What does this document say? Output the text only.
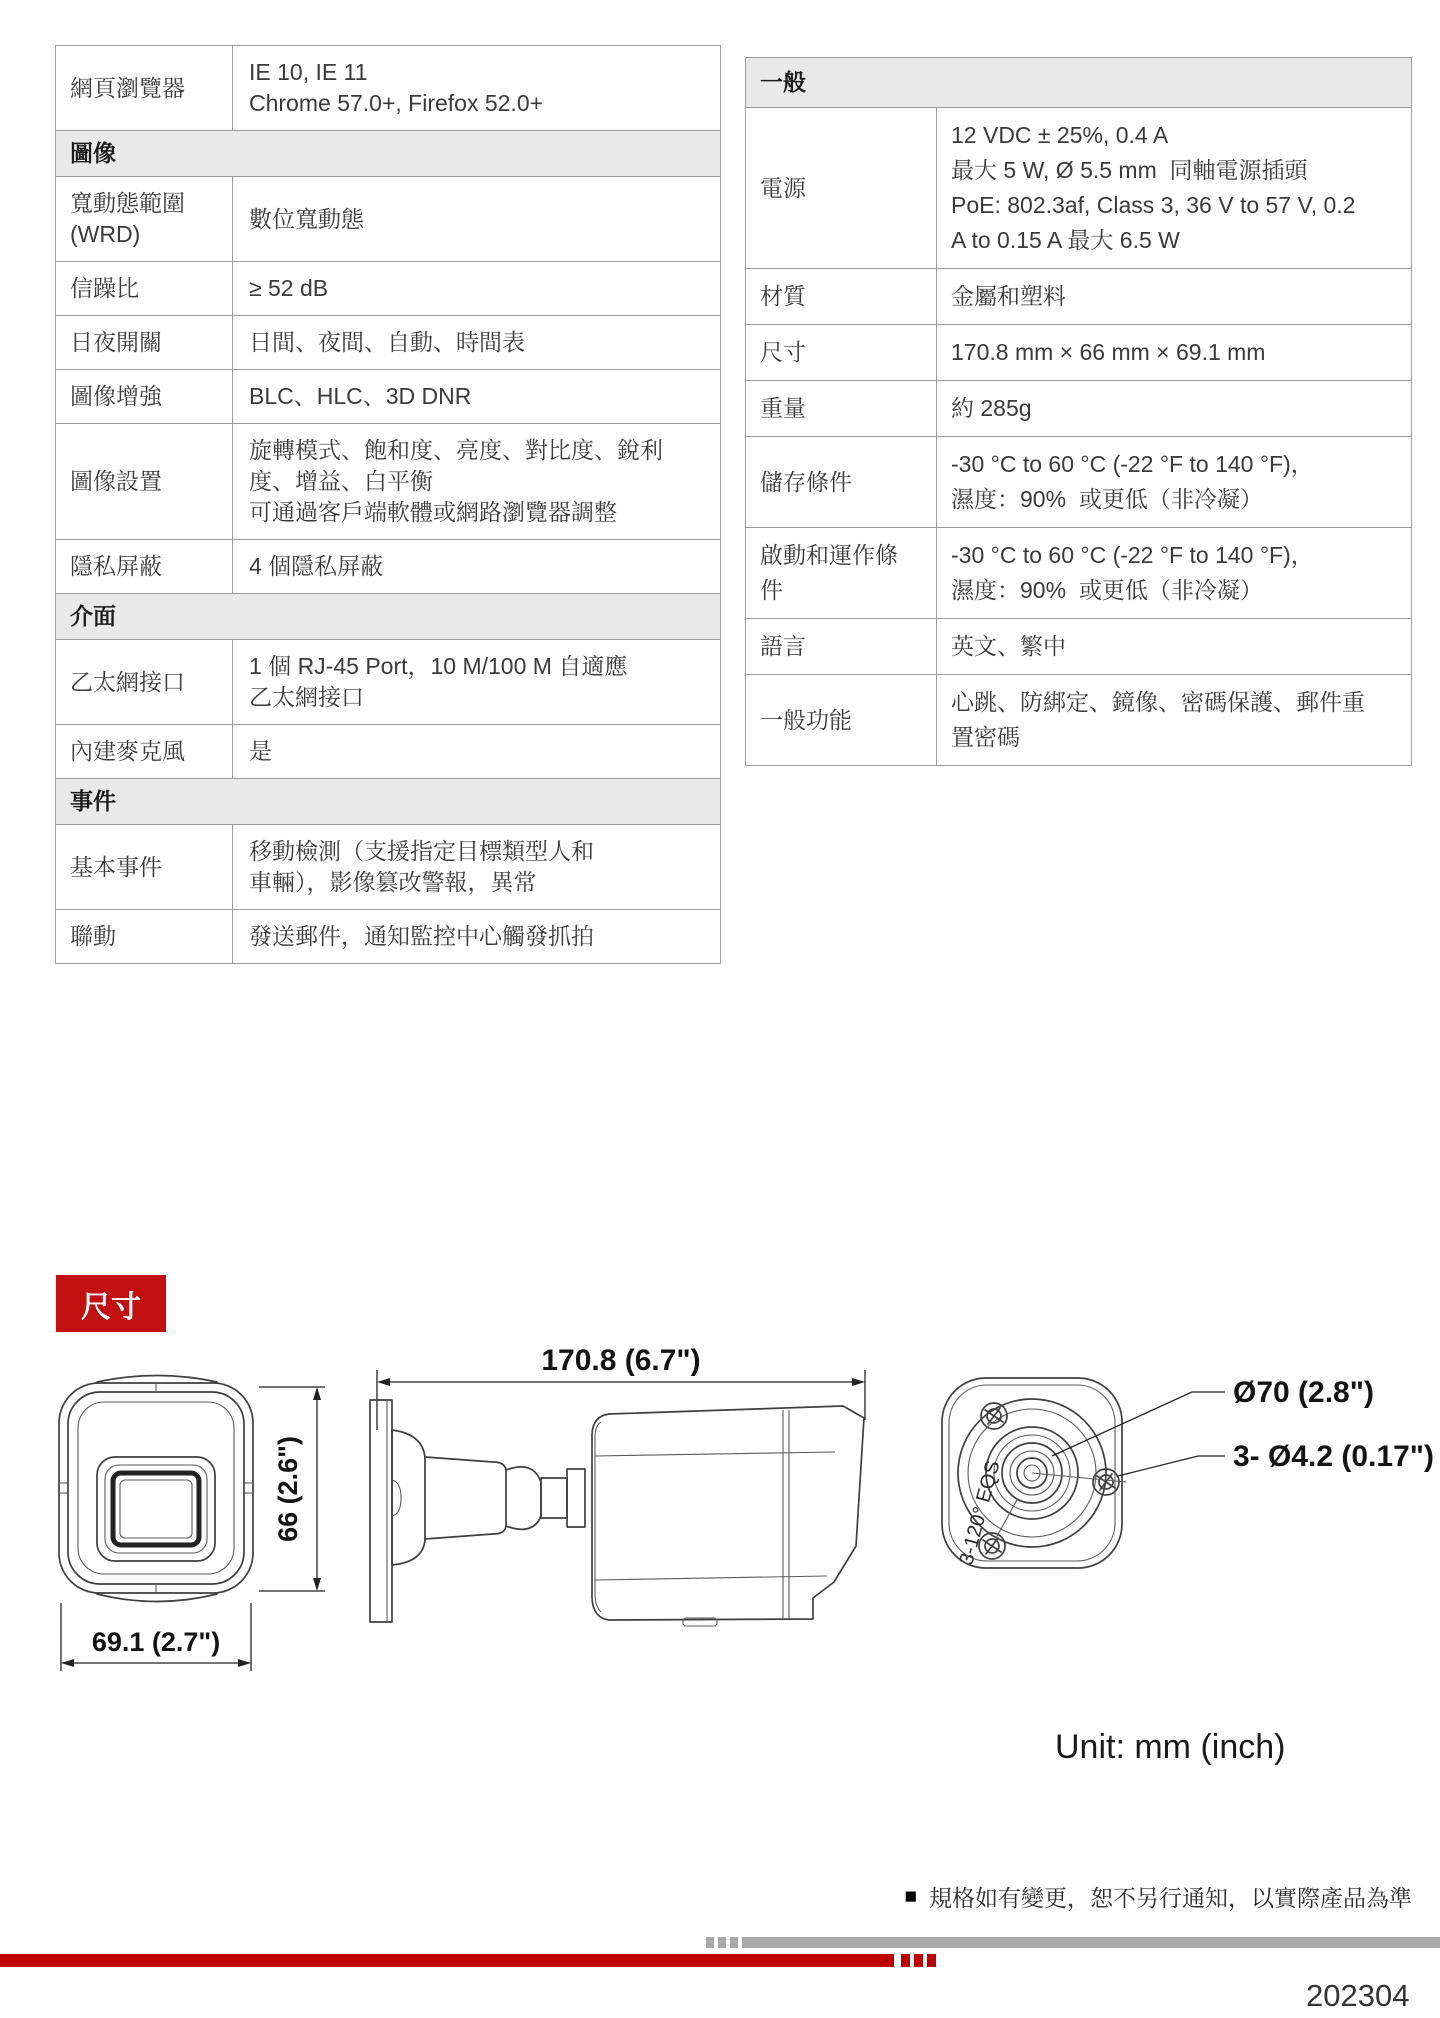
網頁瀏覽器	IE 10, IE 11
Chrome 57.0+, Firefox 52.0+

圖像	
寬動態範圍 (WRD)	數位寬動態

信躁比	≥ 52 dB

日夜開關	日間、夜間、自動、時間表

圖像增強	BLC、HLC、3D DNR

圖像設置	旋轉模式、飽和度、亮度、對比度、銳利
度、增益、白平衡
可通過客戶端軟體或網路瀏覽器調整

隱私屏蔽	4 個隱私屏蔽

介面	
乙太網接口	1 個 RJ-45 Port，10 M/100 M 自適應
乙太網接口

內建麥克風	是

事件	
基本事件	移動檢測（支援指定目標類型人和
車輛），影像篡改警報，異常

聯動	發送郵件，通知監控中心觸發抓拍
一般	
電源	12 VDC ± 25%, 0.4 A
最大 5 W, Ø 5.5 mm  同軸電源插頭
PoE: 802.3af, Class 3, 36 V to 57 V, 0.2
A to 0.15 A 最大 6.5 W

材質	金屬和塑料

尺寸	170.8 mm × 66 mm × 69.1 mm

重量	約 285g

儲存條件	-30 °C to 60 °C (-22 °F to 140 °F)，
濕度：90%  或更低（非冷凝）

啟動和運作條件	-30 °C to 60 °C (-22 °F to 140 °F)，
濕度：90%  或更低（非冷凝）

語言	英文、繁中

一般功能	心跳、防綁定、鏡像、密碼保護、郵件重
置密碼
尺寸
66 (2.6")
69.1 (2.7")
170.8 (6.7")
Ø70 (2.8")
3- Ø4.2 (0.17")
3-120° EQS
Unit: mm (inch)
■ 規格如有變更，恕不另行通知，以實際產品為準
202304
